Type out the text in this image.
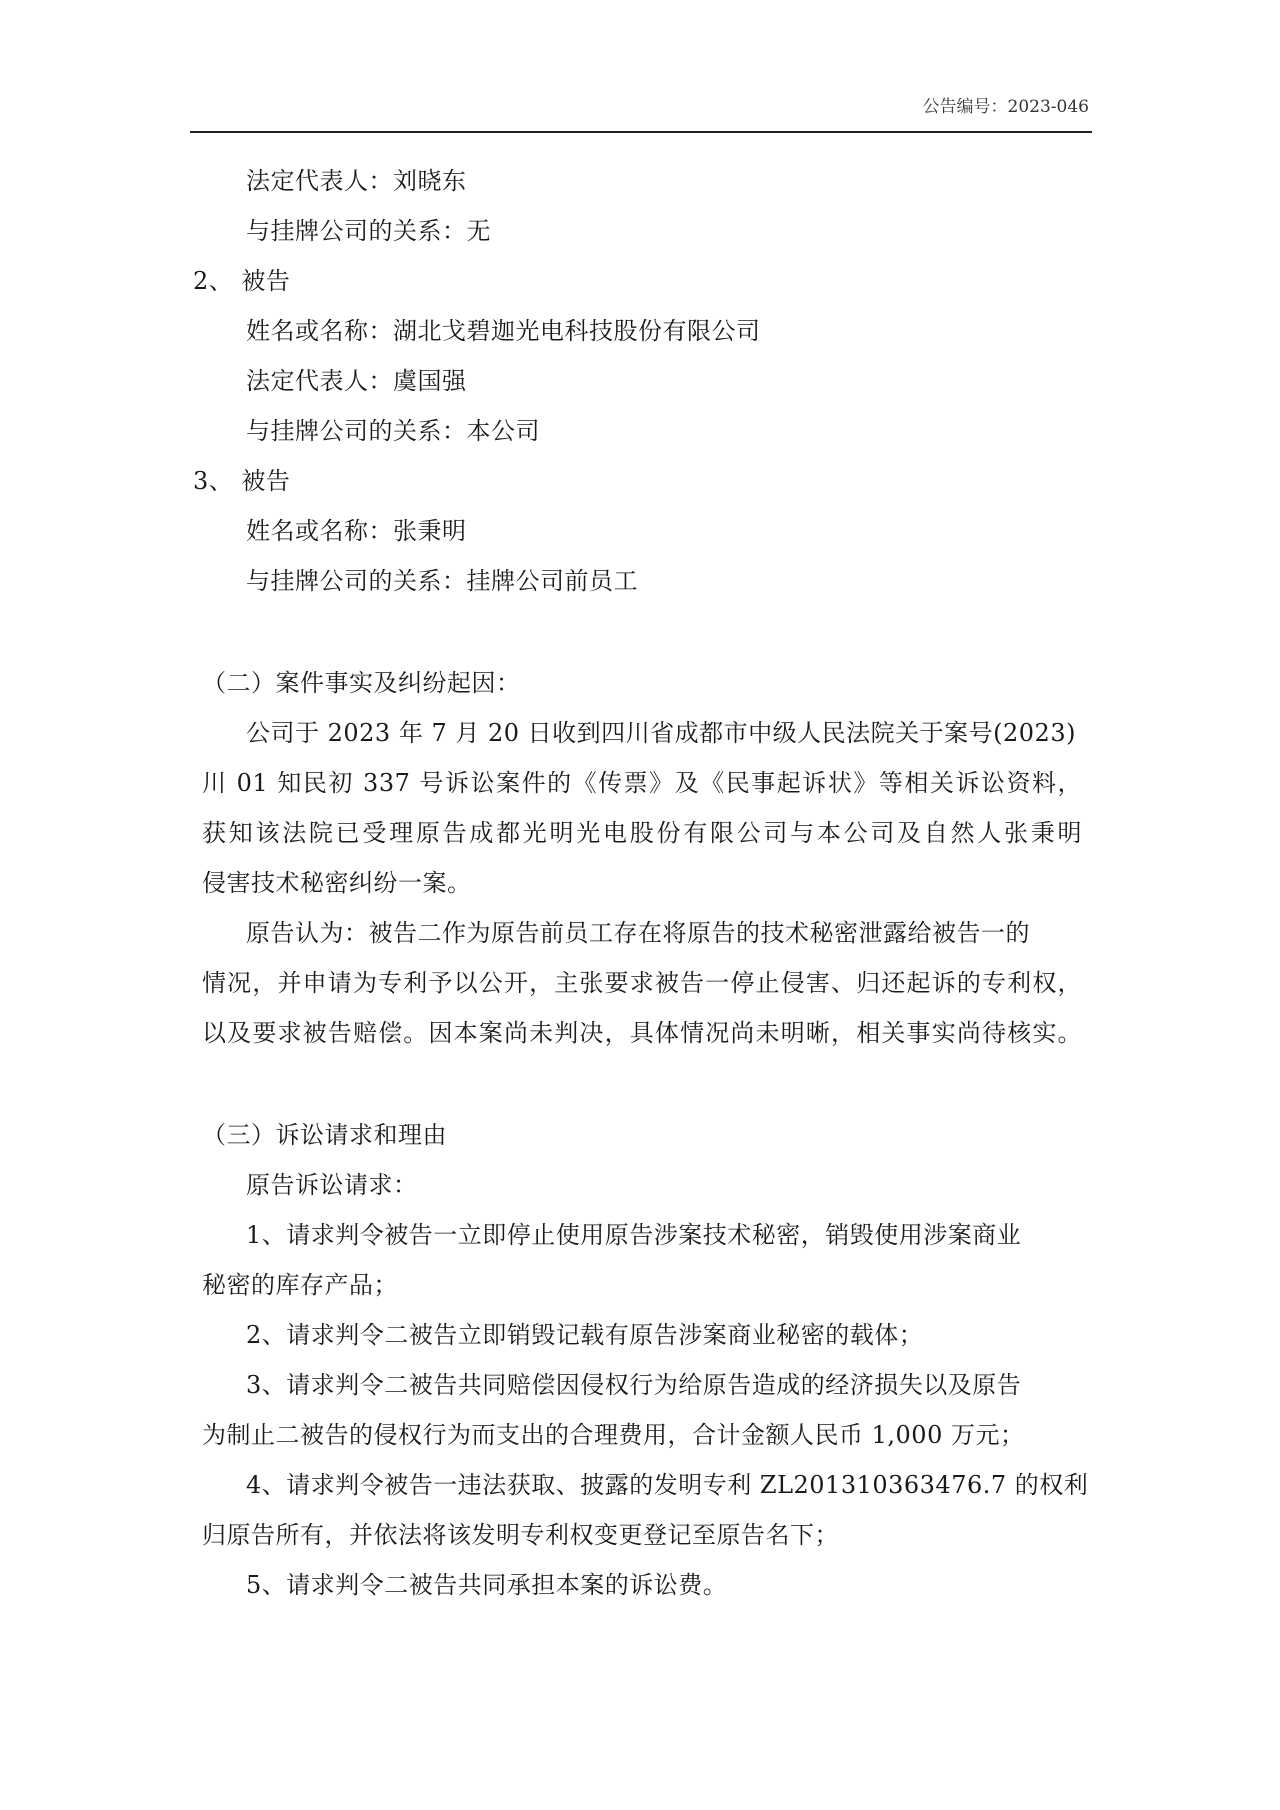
公告编号：2023-046

法定代表人：刘晓东

与挂牌公司的关系：无

2、 被告

姓名或名称：湖北戈碧迦光电科技股份有限公司

法定代表人：虞国强

与挂牌公司的关系：本公司

3、 被告

姓名或名称：张秉明

与挂牌公司的关系：挂牌公司前员工

（二）案件事实及纠纷起因：

公司于 2023 年 7 月 20 日收到四川省成都市中级人民法院关于案号(2023)

川 01 知民初 337 号诉讼案件的《传票》及《民事起诉状》等相关诉讼资料，

获知该法院已受理原告成都光明光电股份有限公司与本公司及自然人张秉明

侵害技术秘密纠纷一案。

原告认为：被告二作为原告前员工存在将原告的技术秘密泄露给被告一的

情况，并申请为专利予以公开，主张要求被告一停止侵害、归还起诉的专利权，

以及要求被告赔偿。因本案尚未判决，具体情况尚未明晰，相关事实尚待核实。

（三）诉讼请求和理由

原告诉讼请求：

1、请求判令被告一立即停止使用原告涉案技术秘密，销毁使用涉案商业

秘密的库存产品；

2、请求判令二被告立即销毁记载有原告涉案商业秘密的载体；

3、请求判令二被告共同赔偿因侵权行为给原告造成的经济损失以及原告

为制止二被告的侵权行为而支出的合理费用，合计金额人民币 1,000 万元；

4、请求判令被告一违法获取、披露的发明专利 ZL201310363476.7 的权利

归原告所有，并依法将该发明专利权变更登记至原告名下；

5、请求判令二被告共同承担本案的诉讼费。
